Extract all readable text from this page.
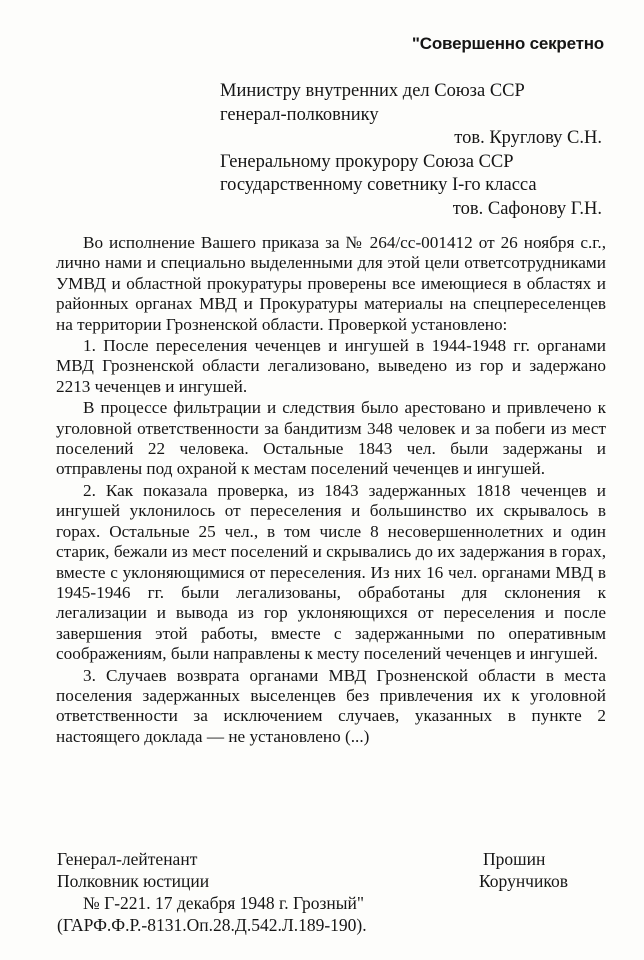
"Совершенно секретно
Министру внутренних дел Союза ССР
генерал-полковнику
тов. Круглову С.Н.
Генеральному прокурору Союза ССР
государственному советнику I-го класса
тов. Сафонову Г.Н.

Во исполнение Вашего приказа за № 264/сс-001412 от 26 ноября с.г., лично нами и специально выделенными для этой цели ответсотрудниками УМВД и областной прокуратуры проверены все имеющиеся в областях и районных органах МВД и Прокуратуры материалы на спецпереселенцев на территории Грозненской области. Проверкой установлено:

1. После переселения чеченцев и ингушей в 1944-1948 гг. органами МВД Грозненской области легализовано, выведено из гор и задержано 2213 чеченцев и ингушей.

В процессе фильтрации и следствия было арестовано и привлечено к уголовной ответственности за бандитизм 348 человек и за побеги из мест поселений 22 человека. Остальные 1843 чел. были задержаны и отправлены под охраной к местам поселений чеченцев и ингушей.

2. Как показала проверка, из 1843 задержанных 1818 чеченцев и ингушей уклонилось от переселения и большинство их скрывалось в горах. Остальные 25 чел., в том числе 8 несовершеннолетних и один старик, бежали из мест поселений и скрывались до их задержания в горах, вместе с уклоняющимися от переселения. Из них 16 чел. органами МВД в 1945-1946 гг. были легализованы, обработаны для склонения к легализации и вывода из гор уклоняющихся от переселения и после завершения этой работы, вместе с задержанными по оперативным соображениям, были направлены к месту поселений чеченцев и ингушей.

3. Случаев возврата органами МВД Грозненской области в места поселения задержанных выселенцев без привлечения их к уголовной ответственности за исключением случаев, указанных в пункте 2 настоящего доклада — не установлено (...)

Генерал-лейтенант	Прошин
Полковник юстиции	Корунчиков
№ Г-221. 17 декабря 1948 г. Грозный"
(ГАРФ.Ф.Р.-8131.Оп.28.Д.542.Л.189-190).
